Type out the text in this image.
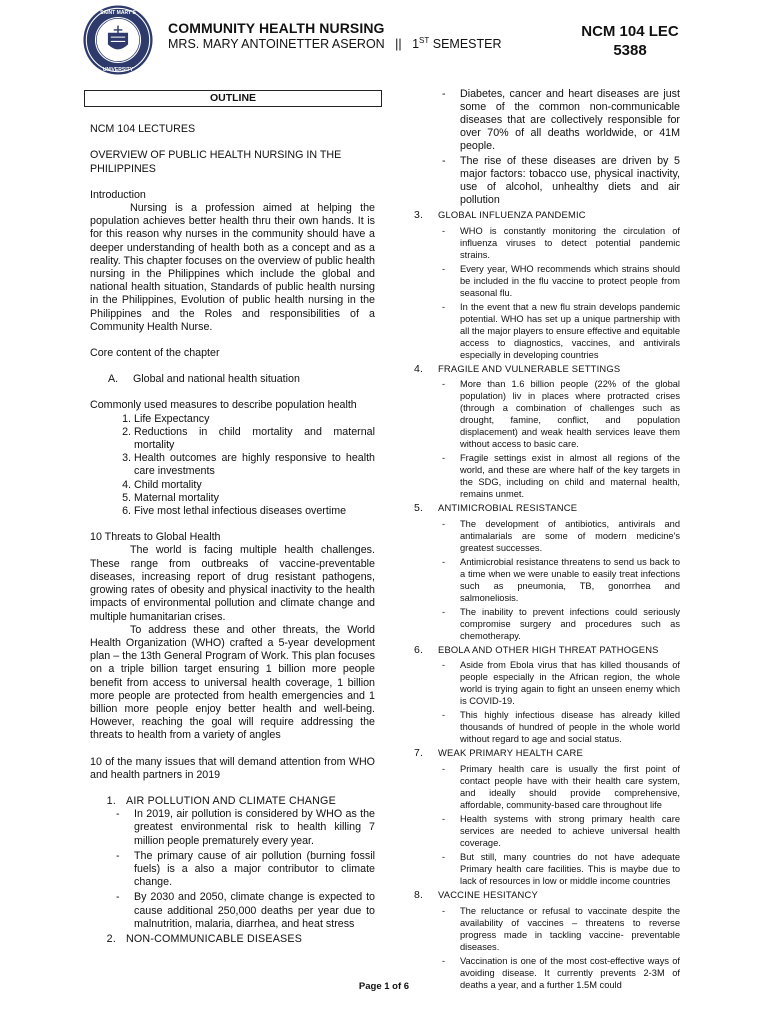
SAINT MARY'S
UNIVERSITY
COMMUNITY HEALTH NURSING
MRS. MARY ANTOINETTER ASERON || 1ST SEMESTER
NCM 104 LEC
5388
OUTLINE

NCM 104 LECTURES

OVERVIEW OF PUBLIC HEALTH NURSING IN THE PHILIPPINES

Introduction

Nursing is a profession aimed at helping the population achieves better health thru their own hands. It is for this reason why nurses in the community should have a deeper understanding of health both as a concept and as a reality. This chapter focuses on the overview of public health nursing in the Philippines which include the global and national health situation, Standards of public health nursing in the Philippines, Evolution of public health nursing in the Philippines and the Roles and responsibilities of a Community Health Nurse.

Core content of the chapter

A.     Global and national health situation

Commonly used measures to describe population health

1. Life Expectancy
2. Reductions in child mortality and maternal mortality
3. Health outcomes are highly responsive to health care investments
4. Child mortality
5. Maternal mortality
6. Five most lethal infectious diseases overtime

10 Threats to Global Health

The world is facing multiple health challenges. These range from outbreaks of vaccine-preventable diseases, increasing report of drug resistant pathogens, growing rates of obesity and physical inactivity to the health impacts of environmental pollution and climate change and multiple humanitarian crises.

To address these and other threats, the World Health Organization (WHO) crafted a 5-year development plan – the 13th General Program of Work. This plan focuses on a triple billion target ensuring 1 billion more people benefit from access to universal health coverage, 1 billion more people are protected from health emergencies and 1 billion more people enjoy better health and well-being. However, reaching the goal will require addressing the threats to health from a variety of angles

10 of the many issues that will demand attention from WHO and health partners in 2019

1. AIR POLLUTION AND CLIMATE CHANGE
- In 2019, air pollution is considered by WHO as the greatest environmental risk to health killing 7 million people prematurely every year.
- The primary cause of air pollution (burning fossil fuels) is a also a major contributor to climate change.
- By 2030 and 2050, climate change is expected to cause additional 250,000 deaths per year due to malnutrition, malaria, diarrhea, and heat stress
2. NON-COMMUNICABLE DISEASES
- Diabetes, cancer and heart diseases are just some of the common non-communicable diseases that are collectively responsible for over 70% of all deaths worldwide, or 41M people.
- The rise of these diseases are driven by 5 major factors: tobacco use, physical inactivity, use of alcohol, unhealthy diets and air pollution
3.	GLOBAL INFLUENZA PANDEMIC
- WHO is constantly monitoring the circulation of influenza viruses to detect potential pandemic strains.
- Every year, WHO recommends which strains should be included in the flu vaccine to protect people from seasonal flu.
- In the event that a new flu strain develops pandemic potential. WHO has set up a unique partnership with all the major players to ensure effective and equitable access to diagnostics, vaccines, and antivirals especially in developing countries
4.	FRAGILE AND VULNERABLE SETTINGS
- More than 1.6 billion people (22% of the global population) liv in places where protracted crises (through a combination of challenges such as drought, famine, conflict, and population displacement) and weak health services leave them without access to basic care.
- Fragile settings exist in almost all regions of the world, and these are where half of the key targets in the SDG, including on child and maternal health, remains unmet.
5.	ANTIMICROBIAL RESISTANCE
- The development of antibiotics, antivirals and antimalarials are some of modern medicine's greatest successes.
- Antimicrobial resistance threatens to send us back to a time when we were unable to easily treat infections such as pneumonia, TB, gonorrhea and salmoneliosis.
- The inability to prevent infections could seriously compromise surgery and procedures such as chemotherapy.
6.	EBOLA AND OTHER HIGH THREAT PATHOGENS
- Aside from Ebola virus that has killed thousands of people especially in the African region, the whole world is trying again to fight an unseen enemy which is COVID-19.
- This highly infectious disease has already killed thousands of hundred of people in the whole world without regard to age and social status.
7.	WEAK PRIMARY HEALTH CARE
- Primary health care is usually the first point of contact people have with their health care system, and ideally should provide comprehensive, affordable, community-based care throughout life
- Health systems with strong primary health care services are needed to achieve universal health coverage.
- But still, many countries do not have adequate Primary health care facilities. This is maybe due to lack of resources in low or middle income countries
8.	VACCINE HESITANCY
- The reluctance or refusal to vaccinate despite the availability of vaccines – threatens to reverse progress made in tackling vaccine- preventable diseases.
- Vaccination is one of the most cost-effective ways of avoiding disease. It currently prevents 2-3M of deaths a year, and a further 1.5M could
Page 1 of 6
